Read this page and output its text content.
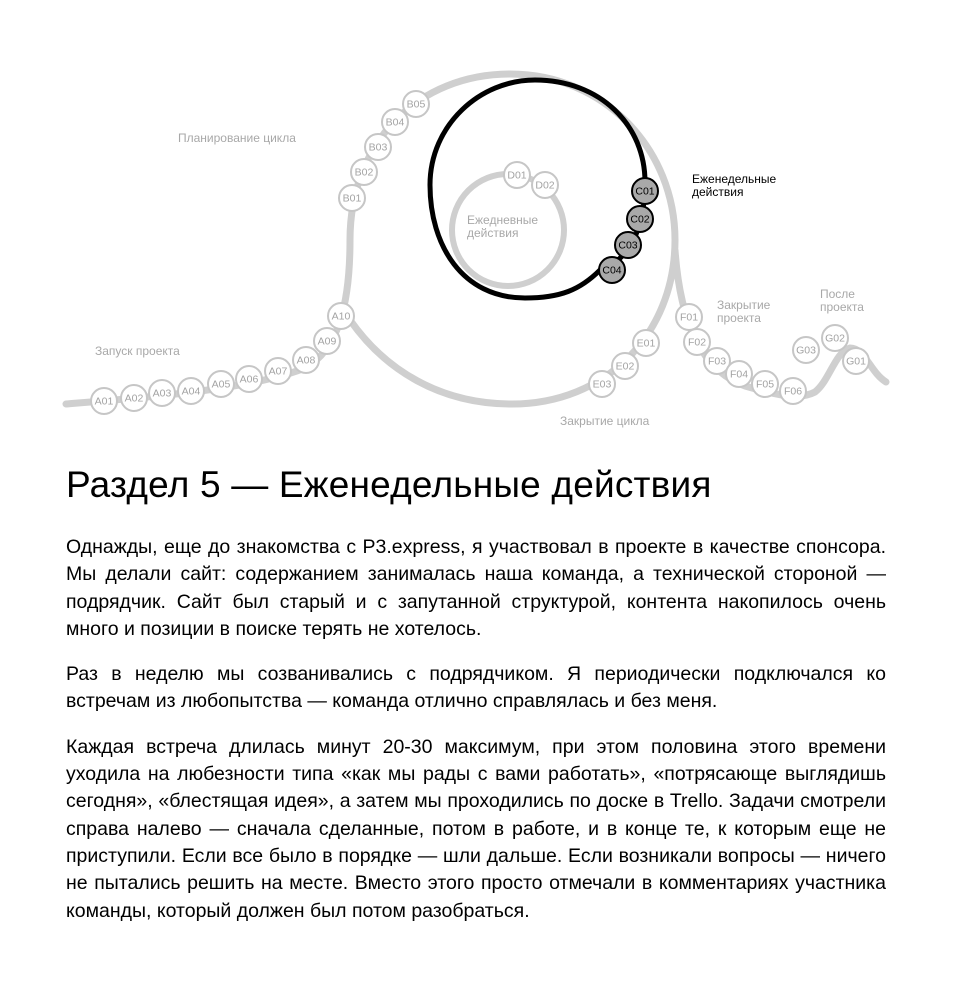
Запуск проекта
Планирование цикла
Ежедневные
действия
Еженедельные
действия
Закрытие цикла
Закрытие
проекта
После
проекта
A01 A02 A03 A04
A05 A06
A07
A08
A09
A10
B01
B02
B03
B04
B05
C01
C02
C03
C04
D01
D02
E01
E02
E03
F01
F02
F03
F04
F05
F06
G01
G02
G03
Раздел 5 — Еженедельные действия

Однажды, еще до знакомства с P3.express, я участвовал в проекте в качестве спонсора. Мы делали сайт: содержанием занималась наша команда, а технической стороной — подрядчик. Сайт был старый и с запутанной структурой, контента накопилось очень много и позиции в поиске терять не хотелось.

Раз в неделю мы созванивались с подрядчиком. Я периодически подключался ко встречам из любопытства — команда отлично справлялась и без меня.

Каждая встреча длилась минут 20-30 максимум, при этом половина этого времени уходила на любезности типа «как мы рады с вами работать», «потрясающе выглядишь сегодня», «блестящая идея», а затем мы проходились по доске в Trello. Задачи смотрели справа налево — сначала сделанные, потом в работе, и в конце те, к которым еще не приступили. Если все было в порядке — шли дальше. Если возникали вопросы — ничего не пытались решить на месте. Вместо этого просто отмечали в комментариях участника команды, который должен был потом разобраться.
